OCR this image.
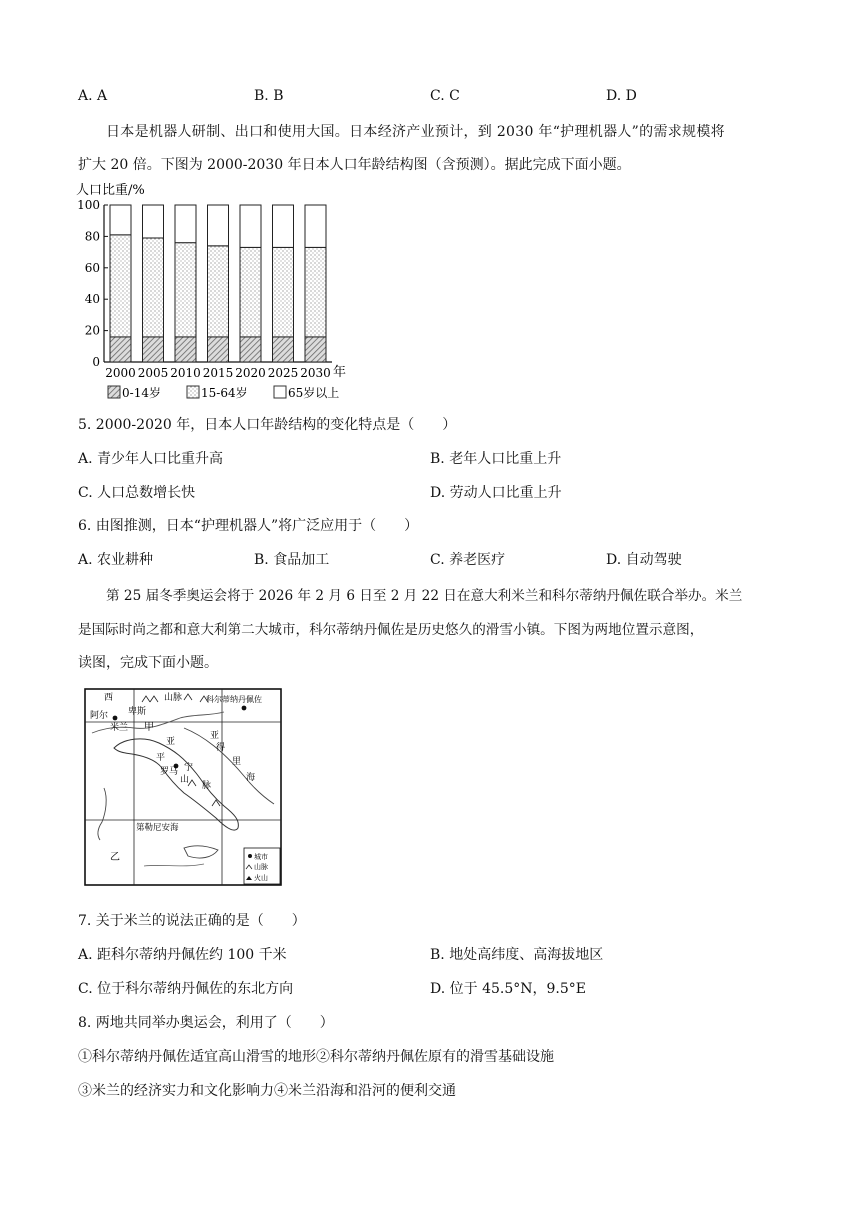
A. A	B. B	C. C	D. D
日本是机器人研制、出口和使用大国。日本经济产业预计，到 2030 年“护理机器人”的需求规模将
扩大 20 倍。下图为 2000-2030 年日本人口年龄结构图（含预测）。据此完成下面小题。
人口比重/%
0
20
40
60
80
100
2000 2005 2010 2015 2020 2025 2030 年
0-14岁	15-64岁	65岁以上
5. 2000-2020 年，日本人口年龄结构的变化特点是（　　）
A. 青少年人口比重升高	B. 老年人口比重上升
C. 人口总数增长快	D. 劳动人口比重上升
6. 由图推测，日本“护理机器人”将广泛应用于（　　）
A. 农业耕种	B. 食品加工	C. 养老医疗	D. 自动驾驶
第 25 届冬季奥运会将于 2026 年 2 月 6 日至 2 月 22 日在意大利米兰和科尔蒂纳丹佩佐联合举办。米兰
是国际时尚之都和意大利第二大城市，科尔蒂纳丹佩佐是历史悠久的滑雪小镇。下图为两地位置示意图，
读图，完成下面小题。
西
阿尔 卑斯
山脉
米兰 甲
科尔蒂纳丹佩佐
亚
平
宁
山
脉
罗马
亚
得
里
海
第勒尼安海
乙	城市
山脉
火山
7. 关于米兰的说法正确的是（　　）
A. 距科尔蒂纳丹佩佐约 100 千米	B. 地处高纬度、高海拔地区
C. 位于科尔蒂纳丹佩佐的东北方向	D. 位于 45.5°N，9.5°E
8. 两地共同举办奥运会，利用了（　　）
①科尔蒂纳丹佩佐适宜高山滑雪的地形②科尔蒂纳丹佩佐原有的滑雪基础设施
③米兰的经济实力和文化影响力④米兰沿海和沿河的便利交通
